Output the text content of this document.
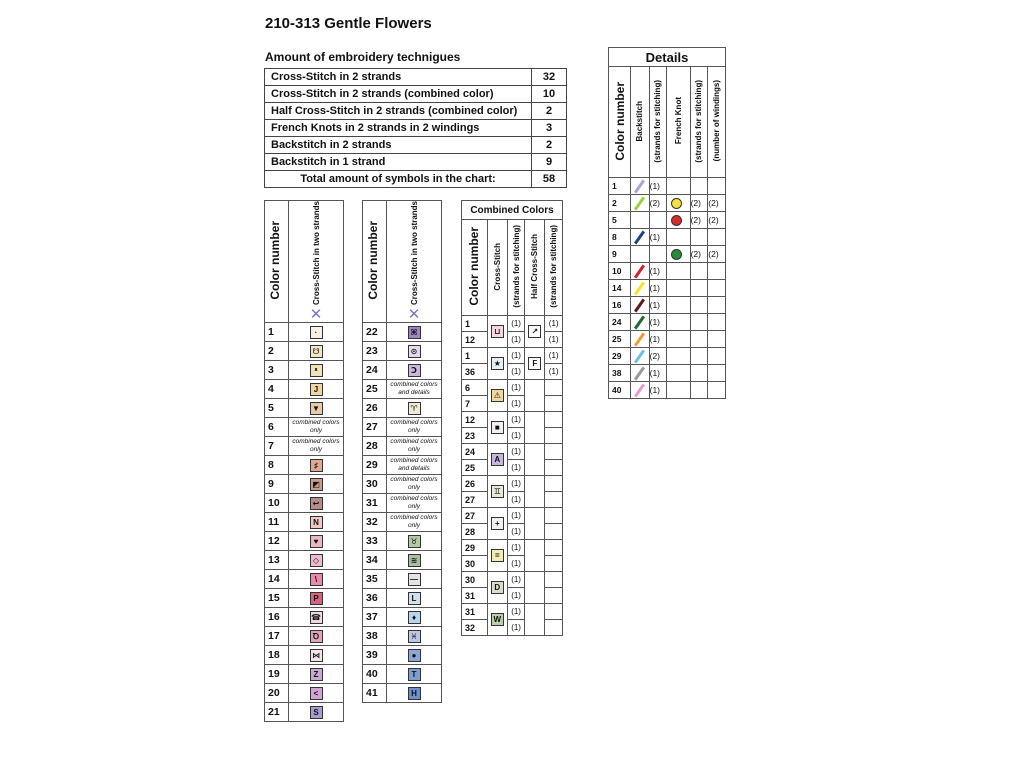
210-313 Gentle Flowers
Amount of embroidery technigues
Cross-Stitch in 2 strands	32
Cross-Stitch in 2 strands (combined color)	10
Half Cross-Stitch in 2 strands (combined color)	2
French Knots in 2 strands in 2 windings	3
Backstitch in 2 strands	2
Backstitch in 1 strand	9
Total amount of symbols in the chart:	58
Color number	Cross-Stitch in two strands
✕
1	·
2	☋
3	ᵜ
4	J
5	▼
6	combined colors only

7	combined colors only

8	♯
9	◩
10	↩
11	N
12	♥
13	◇
14	\
15	P
16	☎
17	Ꝺ
18	⋈
19	Z
20	<
21	S
Color number	Cross-Stitch in two strands
✕
22	⌘
23	⊙
24	Ↄ
25	combined colors and details

26	♈
27	combined colors only

28	combined colors only

29	combined colors and details

30	combined colors only

31	combined colors only

32	combined colors only

33	♉
34	≋
35	—
36	L
37	♦
38	♓
39	●
40	T
41	H
Combined Colors				
Color number	Cross-Stitch	(strands for stitching)	Half Cross-Stitch	(strands for stitching)
1	⊔	(1)	↗	(1)
12		(1)		(1)
1	★	(1)	F	(1)
36		(1)		(1)
6	⚠	(1)		
7		(1)		
12	■	(1)		
23		(1)		
24	A	(1)		
25		(1)		
26	♊	(1)		
27		(1)		
27	+	(1)		
28		(1)		
29	=	(1)		
30		(1)		
30	D	(1)		
31		(1)		
31	W	(1)		
32		(1)		
Details					
Color number	Backstitch	(strands for stitching)	French Knot	(strands for stitching)	(number of windings)
1		(1)			
2		(2)		(2)	(2)
5				(2)	(2)
8		(1)			
9				(2)	(2)
10		(1)			
14		(1)			
16		(1)			
24		(1)			
25		(1)			
29		(2)			
38		(1)			
40		(1)			
